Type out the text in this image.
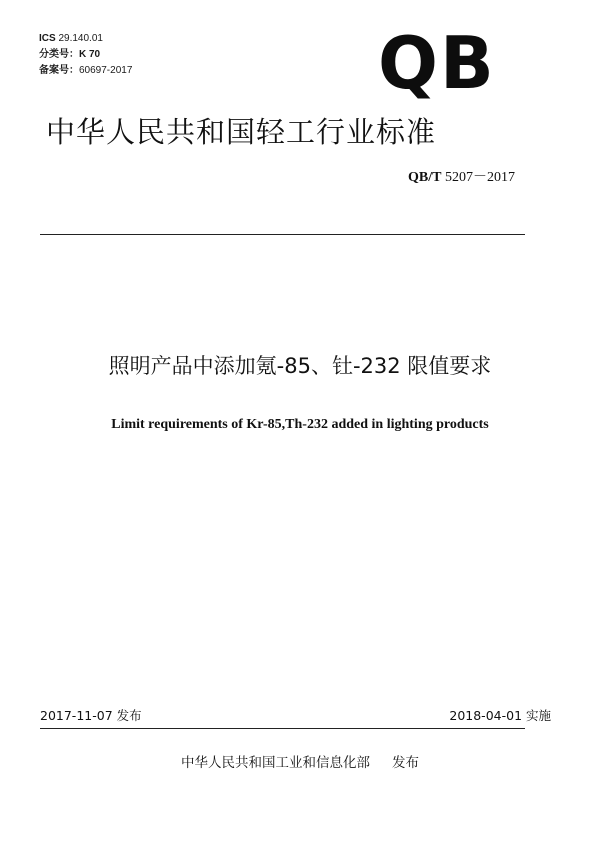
ICS 29.140.01
分类号：K 70
备案号：60697-2017	QB
中华人民共和国轻工行业标准
QB/T 5207－2017
照明产品中添加氪-85、钍-232 限值要求
Limit requirements of Kr-85,Th-232 added in lighting products
2017-11-07 发布	2018-04-01 实施
中华人民共和国工业和信息化部 发布
